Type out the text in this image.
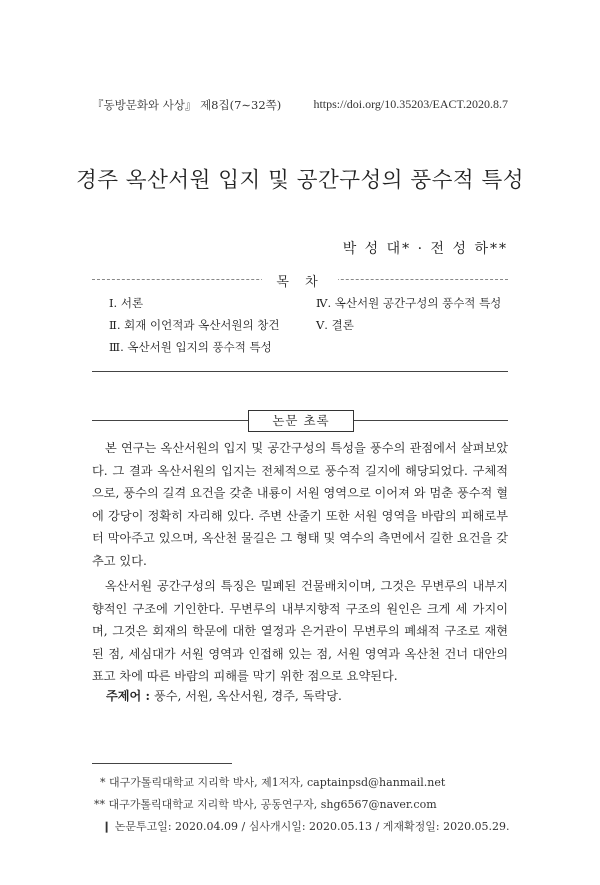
『동방문화와 사상』 제8집(7∼32쪽)	https://doi.org/10.35203/EACT.2020.8.7
경주 옥산서원 입지 및 공간구성의 풍수적 특성
박 성 대* · 전 성 하**
목 차
Ⅰ. 서론
Ⅱ. 회재 이언적과 옥산서원의 창건
Ⅲ. 옥산서원 입지의 풍수적 특성
Ⅳ. 옥산서원 공간구성의 풍수적 특성
Ⅴ. 결론
논문 초록
본 연구는 옥산서원의 입지 및 공간구성의 특성을 풍수의 관점에서 살펴보았다. 그 결과 옥산서원의 입지는 전체적으로 풍수적 길지에 해당되었다. 구체적으로, 풍수의 길격 요건을 갖춘 내룡이 서원 영역으로 이어져 와 멈춘 풍수적 혈에 강당이 정확히 자리해 있다. 주변 산줄기 또한 서원 영역을 바람의 피해로부터 막아주고 있으며, 옥산천 물길은 그 형태 및 역수의 측면에서 길한 요건을 갖추고 있다.
옥산서원 공간구성의 특징은 밀폐된 건물배치이며, 그것은 무변루의 내부지향적인 구조에 기인한다. 무변루의 내부지향적 구조의 원인은 크게 세 가지이며, 그것은 회재의 학문에 대한 열정과 은거관이 무변루의 폐쇄적 구조로 재현된 점, 세심대가 서원 영역과 인접해 있는 점, 서원 영역과 옥산천 건너 대안의 표고 차에 따른 바람의 피해를 막기 위한 점으로 요약된다.
주제어 : 풍수, 서원, 옥산서원, 경주, 독락당.
* 대구가톨릭대학교 지리학 박사, 제1저자, captainpsd@hanmail.net
** 대구가톨릭대학교 지리학 박사, 공동연구자, shg6567@naver.com
❙ 논문투고일: 2020.04.09 / 심사개시일: 2020.05.13 / 게재확정일: 2020.05.29.
